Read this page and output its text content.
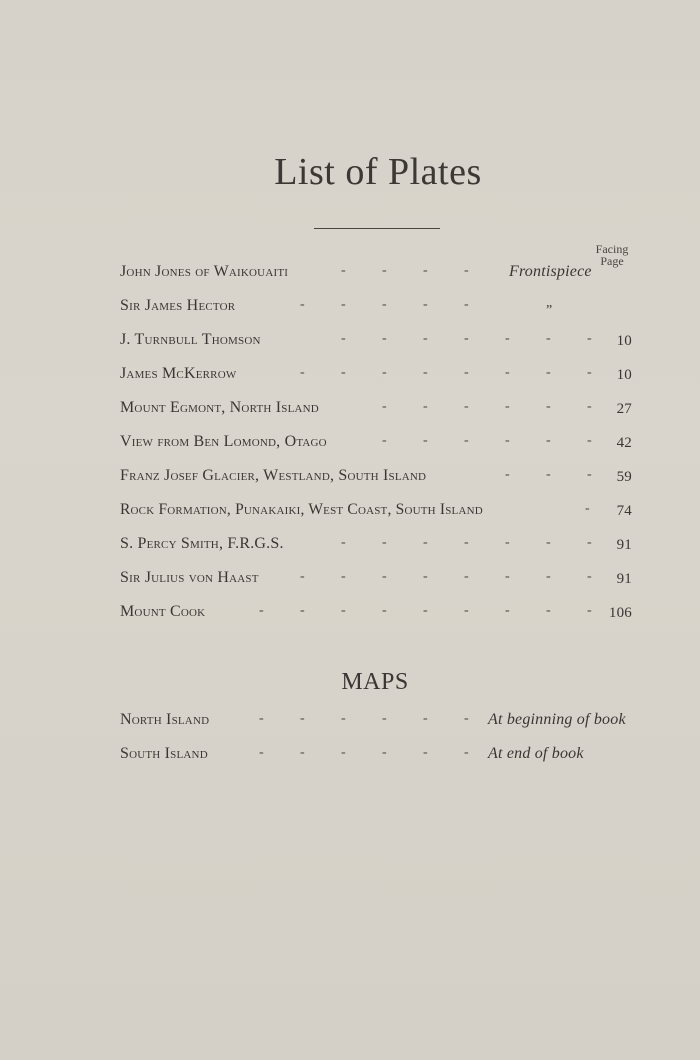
List of Plates
Facing
Page
John Jones of Waikouaiti	-	-	-	-	Frontispiece
Sir James Hector	-	-	-	-	-	”
J. Turnbull Thomson	-	-	-	-	-	-	- 10
James McKerrow	-	-	-	-	-	-	-	- 10
Mount Egmont, North Island	-	-	-	-	-	- 27
View from Ben Lomond, Otago	-	-	-	-	-	- 42
Franz Josef Glacier, Westland, South Island	-	-	- 59
Rock Formation, Punakaiki, West Coast, South Island	- 74
S. Percy Smith, F.R.G.S.	-	-	-	-	-	-	- 91
Sir Julius von Haast	-	-	-	-	-	-	-	- 91
Mount Cook	-	-	-	-	-	-	-	-	- 106
MAPS
North Island	-	-	-	-	-	- At beginning of book
South Island	-	-	-	-	-	- At end of book
